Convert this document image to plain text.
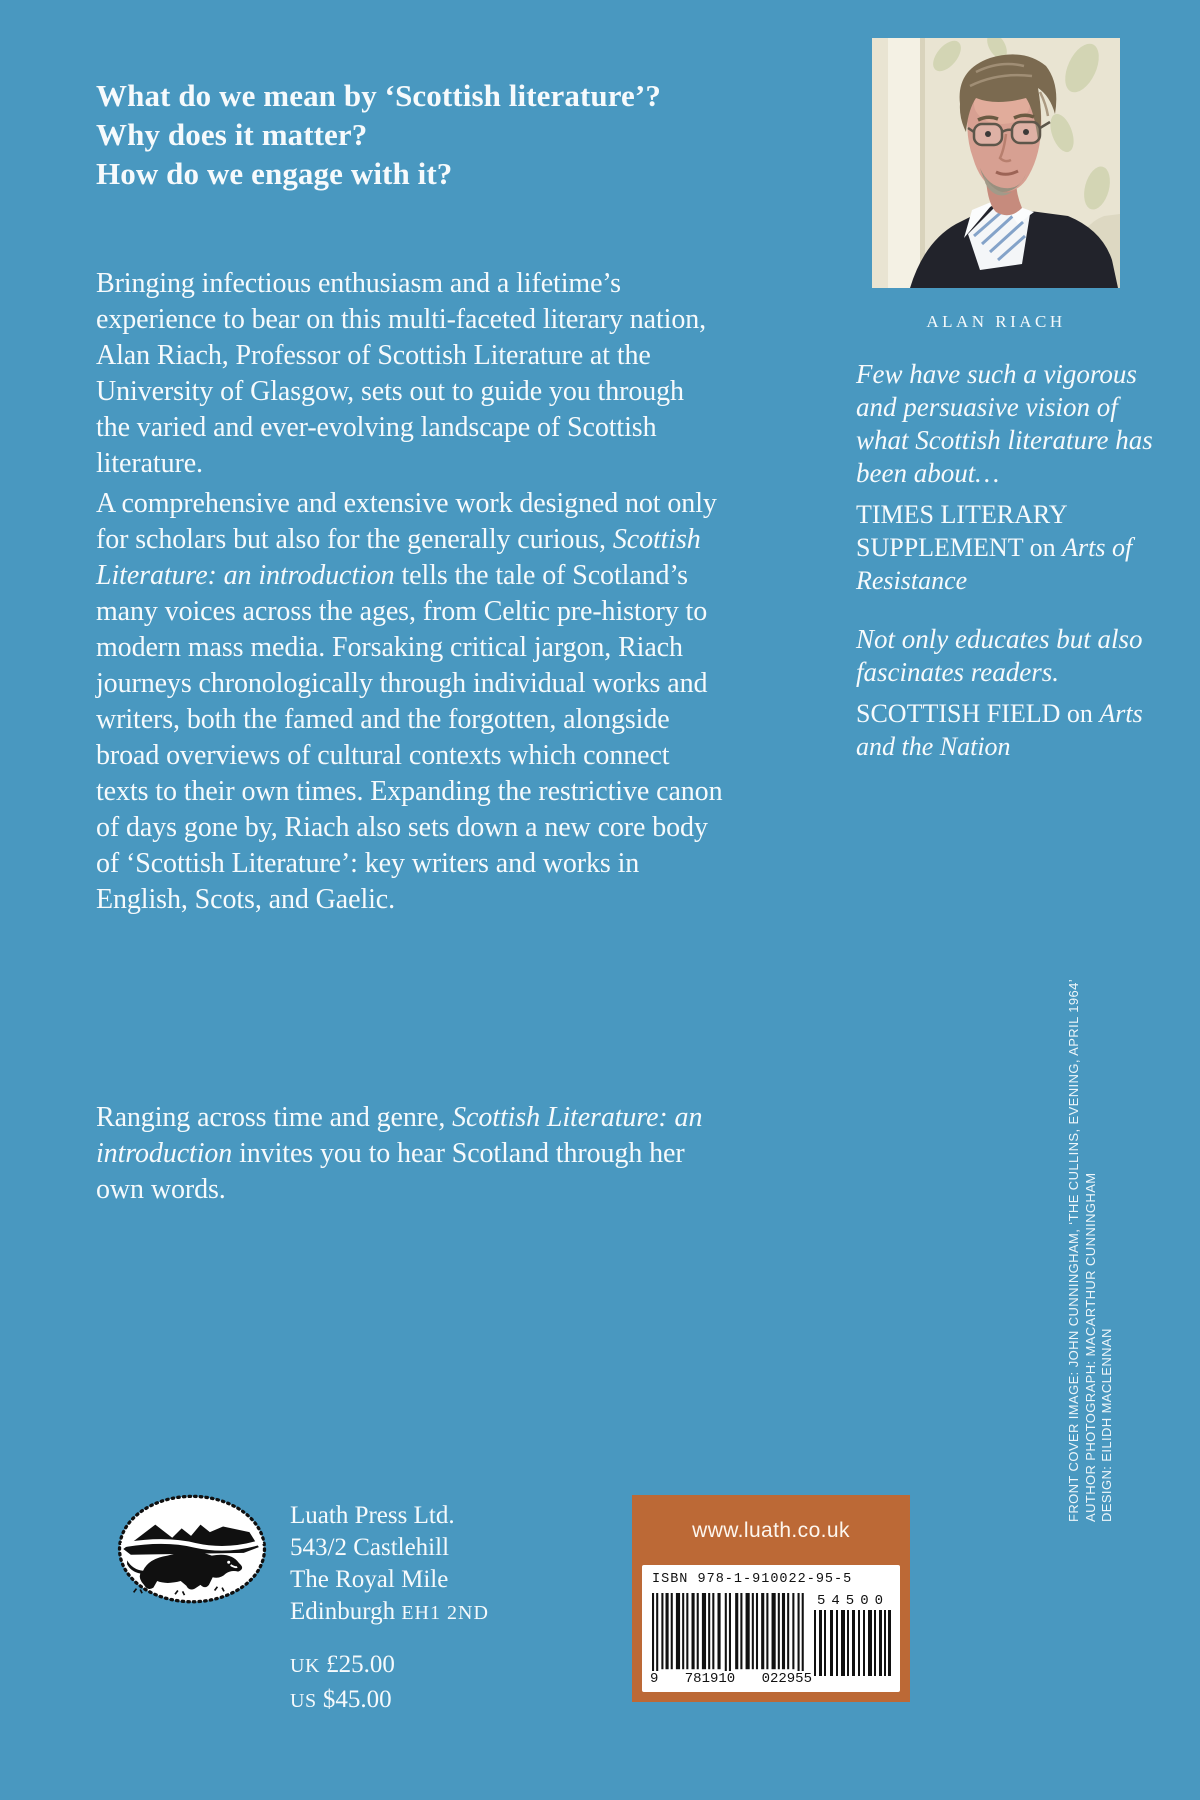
What do we mean by ‘Scottish literature’?
Why does it matter?
How do we engage with it?

Bringing infectious enthusiasm and a lifetime’s experience to bear on this multi-faceted literary nation, Alan Riach, Professor of Scottish Literature at the University of Glasgow, sets out to guide you through the varied and ever-evolving landscape of Scottish literature.

A comprehensive and extensive work designed not only for scholars but also for the generally curious, Scottish Literature: an introduction tells the tale of Scotland’s many voices across the ages, from Celtic pre-history to modern mass media. Forsaking critical jargon, Riach journeys chronologically through individual works and writers, both the famed and the forgotten, alongside broad overviews of cultural contexts which connect texts to their own times. Expanding the restrictive canon of days gone by, Riach also sets down a new core body of ‘Scottish Literature’: key writers and works in English, Scots, and Gaelic.

Ranging across time and genre, Scottish Literature: an introduction invites you to hear Scotland through her own words.

ALAN RIACH

Few have such a vigorous and persuasive vision of what Scottish literature has been about…

TIMES LITERARY SUPPLEMENT on Arts of Resistance

Not only educates but also fascinates readers.

SCOTTISH FIELD on Arts and the Nation

FRONT COVER IMAGE: JOHN CUNNINGHAM, ‘THE CULLINS, EVENING, APRIL 1964’ AUTHOR PHOTOGRAPH: MACARTHUR CUNNINGHAM DESIGN: EILIDH MACLENNAN
Luath Press Ltd.
543/2 Castlehill
The Royal Mile
Edinburgh EH1 2ND
UK £25.00
US $45.00
www.luath.co.uk
ISBN 978-1-910022-95-5
9 781910 022955
54500
